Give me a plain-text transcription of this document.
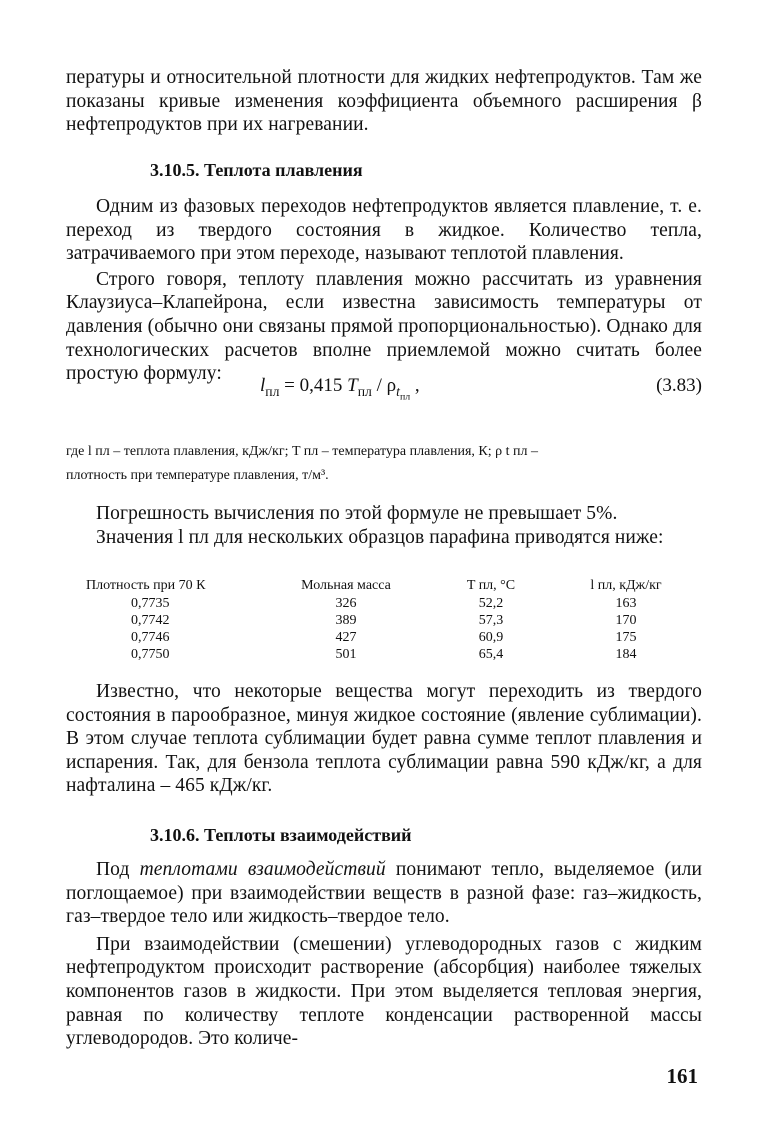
пературы и относительной плотности для жидких нефтепродуктов. Там же показаны кривые изменения коэффициента объемного расширения β нефтепродуктов при их нагревании.

3.10.5. Теплота плавления

Одним из фазовых переходов нефтепродуктов является плавление, т. е. переход из твердого состояния в жидкое. Количество тепла, затрачиваемого при этом переходе, называют теплотой плавления.

Строго говоря, теплоту плавления можно рассчитать из уравнения Клаузиуса–Клапейрона, если известна зависимость температуры от давления (обычно они связаны прямой пропорциональностью). Однако для технологических расчетов вполне приемлемой можно считать более простую формулу:

$l_{пл} = 0,415$ $T_{пл} / \rho_{t_{пл}}$ ,	(3.83)
где l пл – теплота плавления, кДж/кг; T пл – температура плавления, К; ρ t пл –
плотность при температуре плавления, т/м³.

Погрешность вычисления по этой формуле не превышает 5%.

Значения l пл для нескольких образцов парафина приводятся ниже:

Плотность при 70 К	Мольная масса	T пл, °С	l пл, кДж/кг
0,7735	326	52,2	163
0,7742	389	57,3	170
0,7746	427	60,9	175
0,7750	501	65,4	184

Известно, что некоторые вещества могут переходить из твердого состояния в парообразное, минуя жидкое состояние (явление сублимации). В этом случае теплота сублимации будет равна сумме теплот плавления и испарения. Так, для бензола теплота сублимации равна 590 кДж/кг, а для нафталина – 465 кДж/кг.

3.10.6. Теплоты взаимодействий

Под теплотами взаимодействий понимают тепло, выделяемое (или поглощаемое) при взаимодействии веществ в разной фазе: газ–жидкость, газ–твердое тело или жидкость–твердое тело.

При взаимодействии (смешении) углеводородных газов с жидким нефтепродуктом происходит растворение (абсорбция) наиболее тяжелых компонентов газов в жидкости. При этом выделяется тепловая энергия, равная по количеству теплоте конденсации растворенной массы углеводородов. Это количе-

161
